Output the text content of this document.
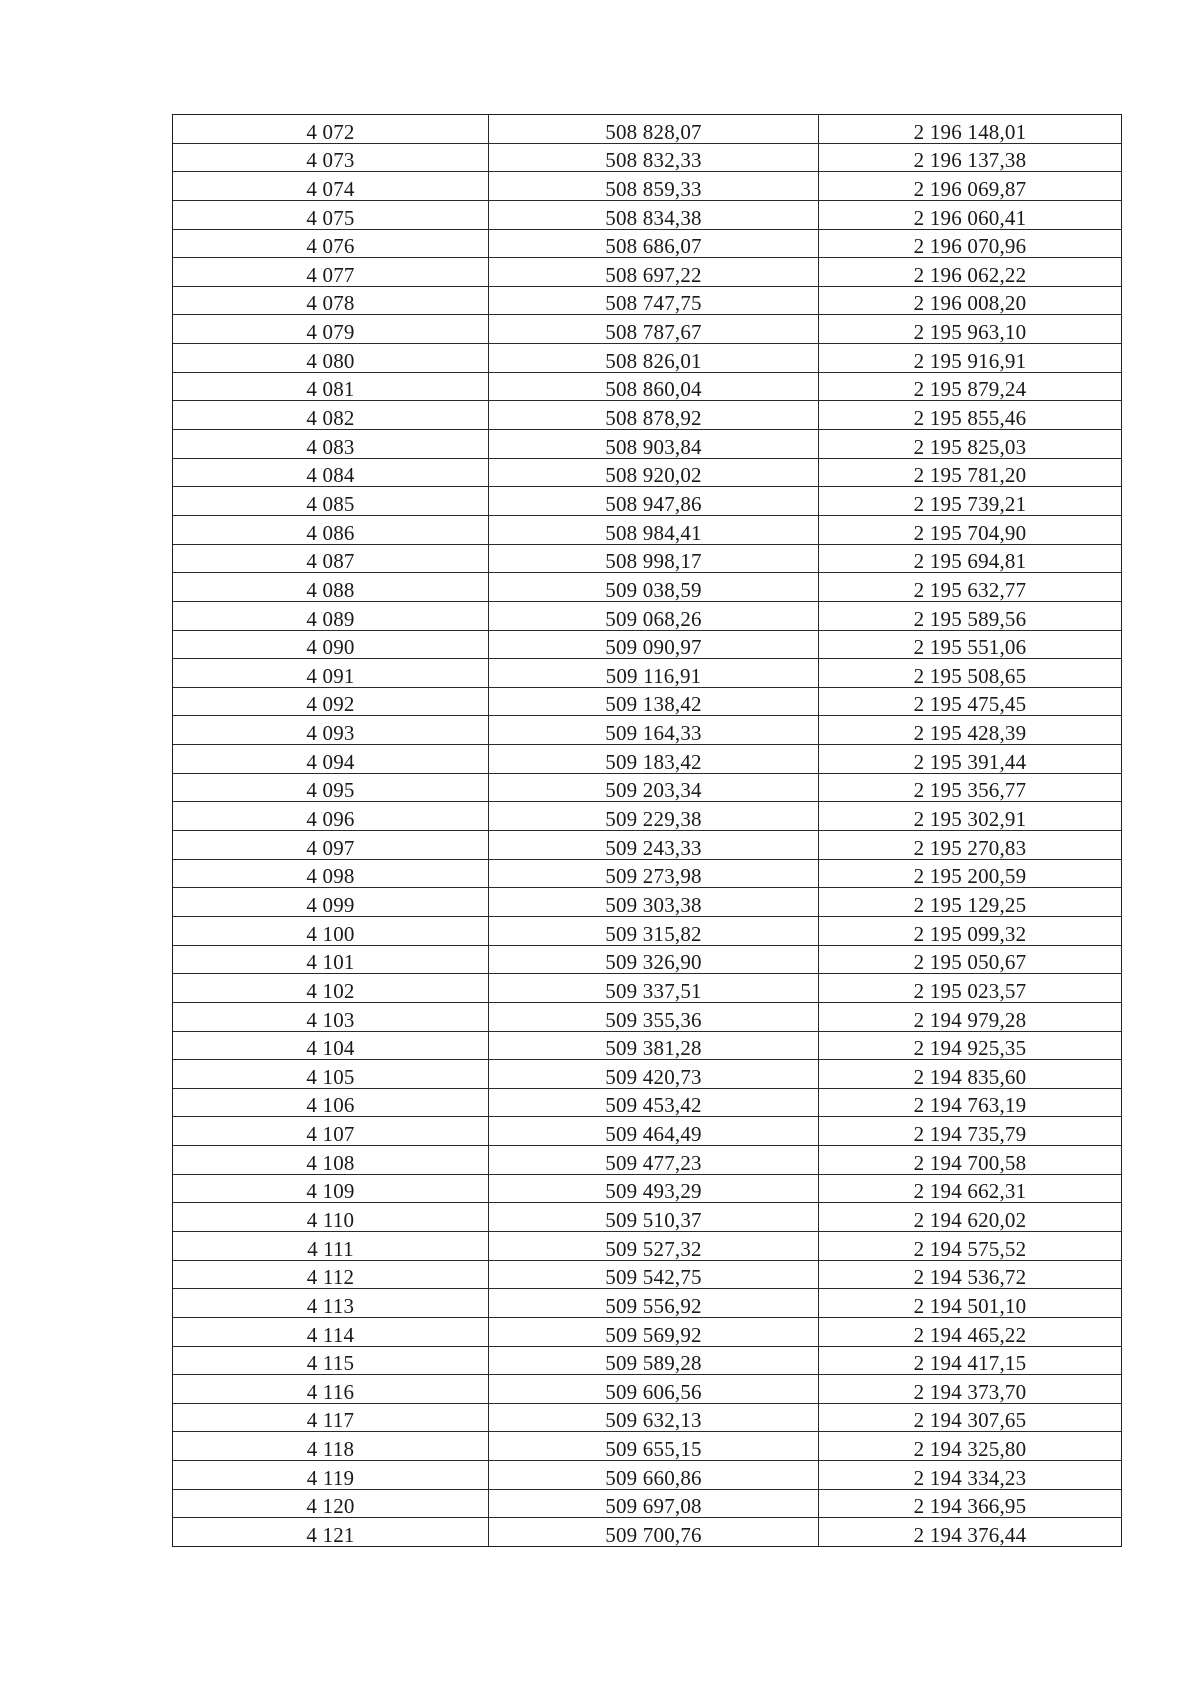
4 072	508 828,07	2 196 148,01
4 073	508 832,33	2 196 137,38
4 074	508 859,33	2 196 069,87
4 075	508 834,38	2 196 060,41
4 076	508 686,07	2 196 070,96
4 077	508 697,22	2 196 062,22
4 078	508 747,75	2 196 008,20
4 079	508 787,67	2 195 963,10
4 080	508 826,01	2 195 916,91
4 081	508 860,04	2 195 879,24
4 082	508 878,92	2 195 855,46
4 083	508 903,84	2 195 825,03
4 084	508 920,02	2 195 781,20
4 085	508 947,86	2 195 739,21
4 086	508 984,41	2 195 704,90
4 087	508 998,17	2 195 694,81
4 088	509 038,59	2 195 632,77
4 089	509 068,26	2 195 589,56
4 090	509 090,97	2 195 551,06
4 091	509 116,91	2 195 508,65
4 092	509 138,42	2 195 475,45
4 093	509 164,33	2 195 428,39
4 094	509 183,42	2 195 391,44
4 095	509 203,34	2 195 356,77
4 096	509 229,38	2 195 302,91
4 097	509 243,33	2 195 270,83
4 098	509 273,98	2 195 200,59
4 099	509 303,38	2 195 129,25
4 100	509 315,82	2 195 099,32
4 101	509 326,90	2 195 050,67
4 102	509 337,51	2 195 023,57
4 103	509 355,36	2 194 979,28
4 104	509 381,28	2 194 925,35
4 105	509 420,73	2 194 835,60
4 106	509 453,42	2 194 763,19
4 107	509 464,49	2 194 735,79
4 108	509 477,23	2 194 700,58
4 109	509 493,29	2 194 662,31
4 110	509 510,37	2 194 620,02
4 111	509 527,32	2 194 575,52
4 112	509 542,75	2 194 536,72
4 113	509 556,92	2 194 501,10
4 114	509 569,92	2 194 465,22
4 115	509 589,28	2 194 417,15
4 116	509 606,56	2 194 373,70
4 117	509 632,13	2 194 307,65
4 118	509 655,15	2 194 325,80
4 119	509 660,86	2 194 334,23
4 120	509 697,08	2 194 366,95
4 121	509 700,76	2 194 376,44
